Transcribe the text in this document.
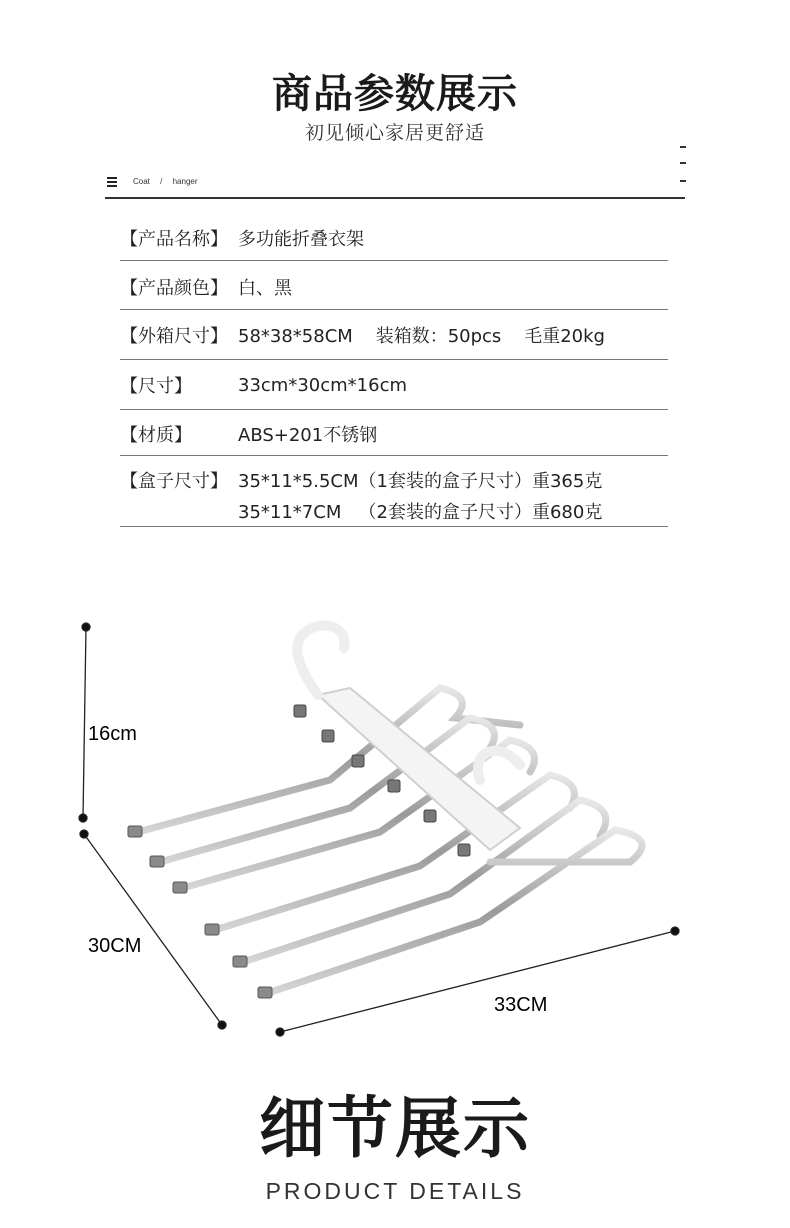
商品参数展示
初见倾心家居更舒适
Coat / hanger
【产品名称】 多功能折叠衣架
【产品颜色】 白、黑
【外箱尺寸】 58*38*58CM    装箱数：50pcs    毛重20kg
【尺寸】	33cm*30cm*16cm
【材质】	ABS+201不锈钢
【盒子尺寸】 35*11*5.5CM（1套装的盒子尺寸）重365克
35*11*7CM   （2套装的盒子尺寸）重680克
16cm
30CM
33CM
细节展示
PRODUCT DETAILS
